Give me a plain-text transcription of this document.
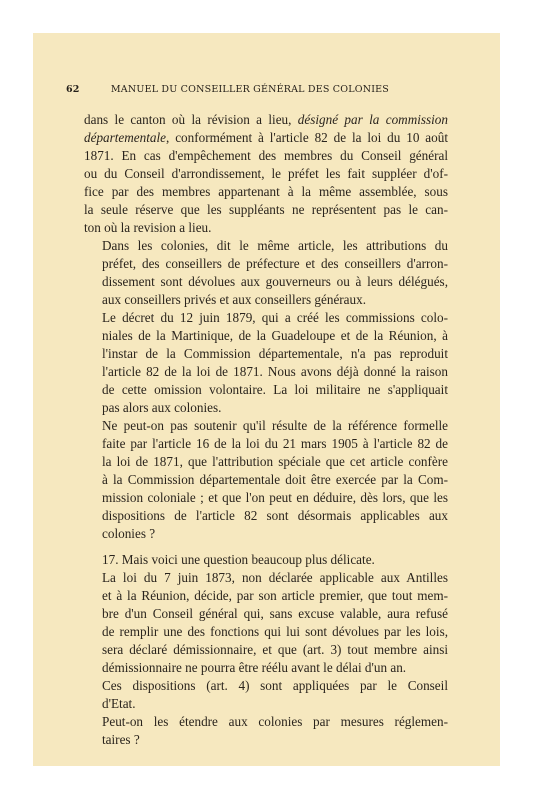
62	MANUEL DU CONSEILLER GÉNÉRAL DES COLONIES

dans le canton où la révision a lieu, désigné par la commission
départementale, conformément à l'article 82 de la loi du 10 août
1871. En cas d'empêchement des membres du Conseil général
ou du Conseil d'arrondissement, le préfet les fait suppléer d'of-
fice par des membres appartenant à la même assemblée, sous
la seule réserve que les suppléants ne représentent pas le can-
ton où la revision a lieu.

Dans les colonies, dit le même article, les attributions du
préfet, des conseillers de préfecture et des conseillers d'arron-
dissement sont dévolues aux gouverneurs ou à leurs délégués,
aux conseillers privés et aux conseillers généraux.

Le décret du 12 juin 1879, qui a créé les commissions colo-
niales de la Martinique, de la Guadeloupe et de la Réunion, à
l'instar de la Commission départementale, n'a pas reproduit
l'article 82 de la loi de 1871. Nous avons déjà donné la raison
de cette omission volontaire. La loi militaire ne s'appliquait
pas alors aux colonies.

Ne peut-on pas soutenir qu'il résulte de la référence formelle
faite par l'article 16 de la loi du 21 mars 1905 à l'article 82 de
la loi de 1871, que l'attribution spéciale que cet article confère
à la Commission départementale doit être exercée par la Com-
mission coloniale ; et que l'on peut en déduire, dès lors, que les
dispositions de l'article 82 sont désormais applicables aux
colonies ?

17. Mais voici une question beaucoup plus délicate.

La loi du 7 juin 1873, non déclarée applicable aux Antilles
et à la Réunion, décide, par son article premier, que tout mem-
bre d'un Conseil général qui, sans excuse valable, aura refusé
de remplir une des fonctions qui lui sont dévolues par les lois,
sera déclaré démissionnaire, et que (art. 3) tout membre ainsi
démissionnaire ne pourra être réélu avant le délai d'un an.

Ces dispositions (art. 4) sont appliquées par le Conseil
d'Etat.

Peut-on les étendre aux colonies par mesures réglemen-
taires ?
